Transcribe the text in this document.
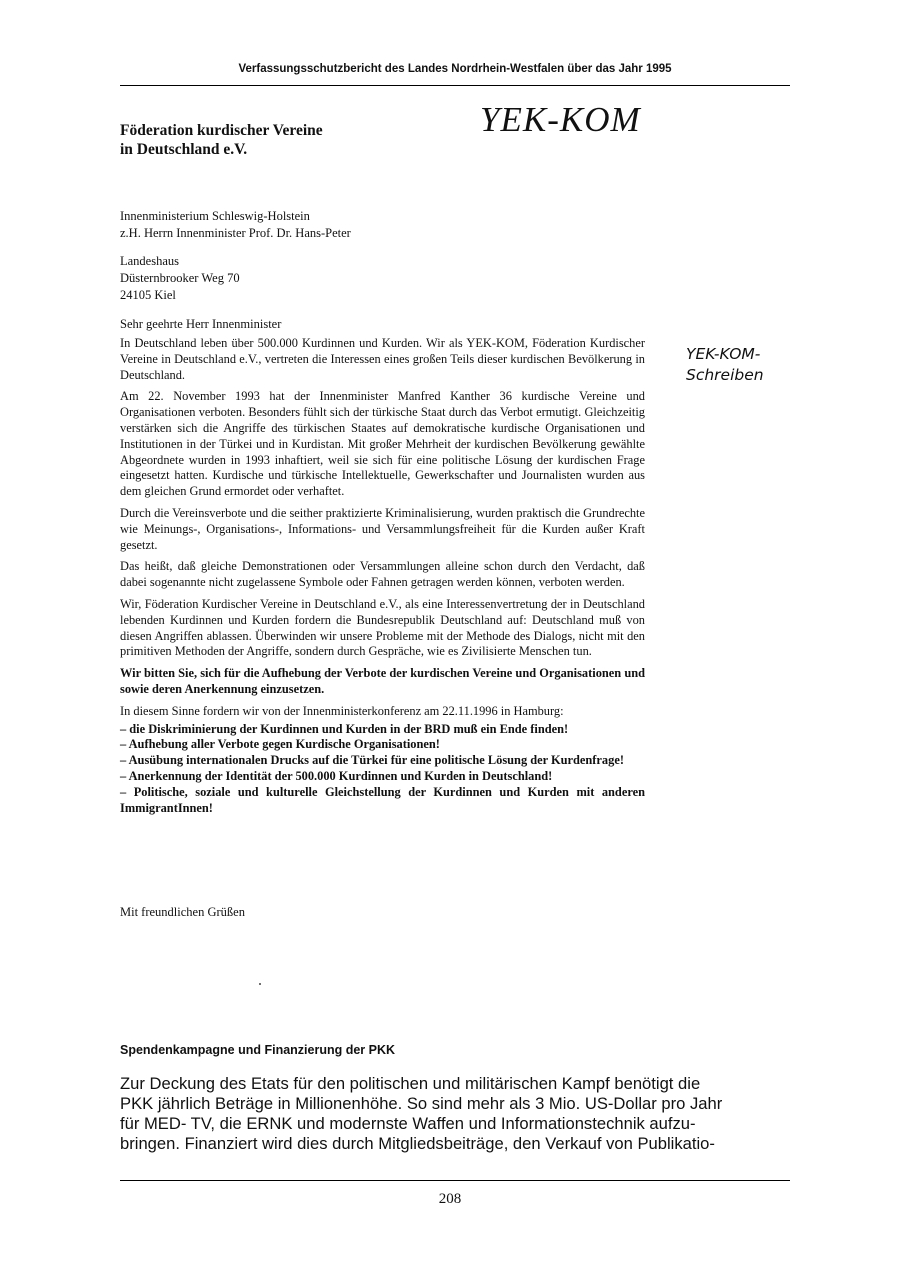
Verfassungsschutzbericht des Landes Nordrhein-Westfalen über das Jahr 1995
Föderation kurdischer Vereine
in Deutschland e.V.
YEK-KOM

Innenministerium Schleswig-Holstein

z.H. Herrn Innenminister Prof. Dr. Hans-Peter

Landeshaus

Düsternbrooker Weg 70

24105 Kiel

Sehr geehrte Herr Innenminister

In Deutschland leben über 500.000 Kurdinnen und Kurden. Wir als YEK-KOM, Föderation Kurdischer Vereine in Deutschland e.V., vertreten die Interessen eines großen Teils dieser kurdischen Bevölkerung in Deutschland.

Am 22. November 1993 hat der Innenminister Manfred Kanther 36 kurdische Vereine und Organisationen verboten. Besonders fühlt sich der türkische Staat durch das Verbot ermutigt. Gleichzeitig verstärken sich die Angriffe des türkischen Staates auf demokratische kurdische Organisationen und Institutionen in der Türkei und in Kurdistan. Mit großer Mehrheit der kurdischen Bevölkerung gewählte Abgeordnete wurden in 1993 inhaftiert, weil sie sich für eine politische Lösung der kurdischen Frage eingesetzt hatten. Kurdische und türkische Intellektuelle, Gewerkschafter und Journalisten wurden aus dem gleichen Grund ermordet oder verhaftet.

Durch die Vereinsverbote und die seither praktizierte Kriminalisierung, wurden praktisch die Grundrechte wie Meinungs-, Organisations-, Informations- und Versammlungsfreiheit für die Kurden außer Kraft gesetzt.

Das heißt, daß gleiche Demonstrationen oder Versammlungen alleine schon durch den Verdacht, daß dabei sogenannte nicht zugelassene Symbole oder Fahnen getragen werden können, verboten werden.

Wir, Föderation Kurdischer Vereine in Deutschland e.V., als eine Interessenvertretung der in Deutschland lebenden Kurdinnen und Kurden fordern die Bundesrepublik Deutschland auf: Deutschland muß von diesen Angriffen ablassen. Überwinden wir unsere Probleme mit der Methode des Dialogs, nicht mit den primitiven Methoden der Angriffe, sondern durch Gespräche, wie es Zivilisierte Menschen tun.

Wir bitten Sie, sich für die Aufhebung der Verbote der kurdischen Vereine und Organisationen und sowie deren Anerkennung einzusetzen.

In diesem Sinne fordern wir von der Innenministerkonferenz am 22.11.1996 in Hamburg:

– die Diskriminierung der Kurdinnen und Kurden in der BRD muß ein Ende finden!
– Aufhebung aller Verbote gegen Kurdische Organisationen!
– Ausübung internationalen Drucks auf die Türkei für eine politische Lösung der Kurdenfrage!
– Anerkennung der Identität der 500.000 Kurdinnen und Kurden in Deutschland!
– Politische, soziale und kulturelle Gleichstellung der Kurdinnen und Kurden mit anderen ImmigrantInnen!
Mit freundlichen Grüßen
YEK-KOM-
Schreiben
Spendenkampagne und Finanzierung der PKK
Zur Deckung des Etats für den politischen und militärischen Kampf benötigt die
PKK jährlich Beträge in Millionenhöhe. So sind mehr als 3 Mio. US-Dollar pro Jahr
für MED- TV, die ERNK und modernste Waffen und Informationstechnik aufzu-
bringen. Finanziert wird dies durch Mitgliedsbeiträge, den Verkauf von Publikatio-
208
